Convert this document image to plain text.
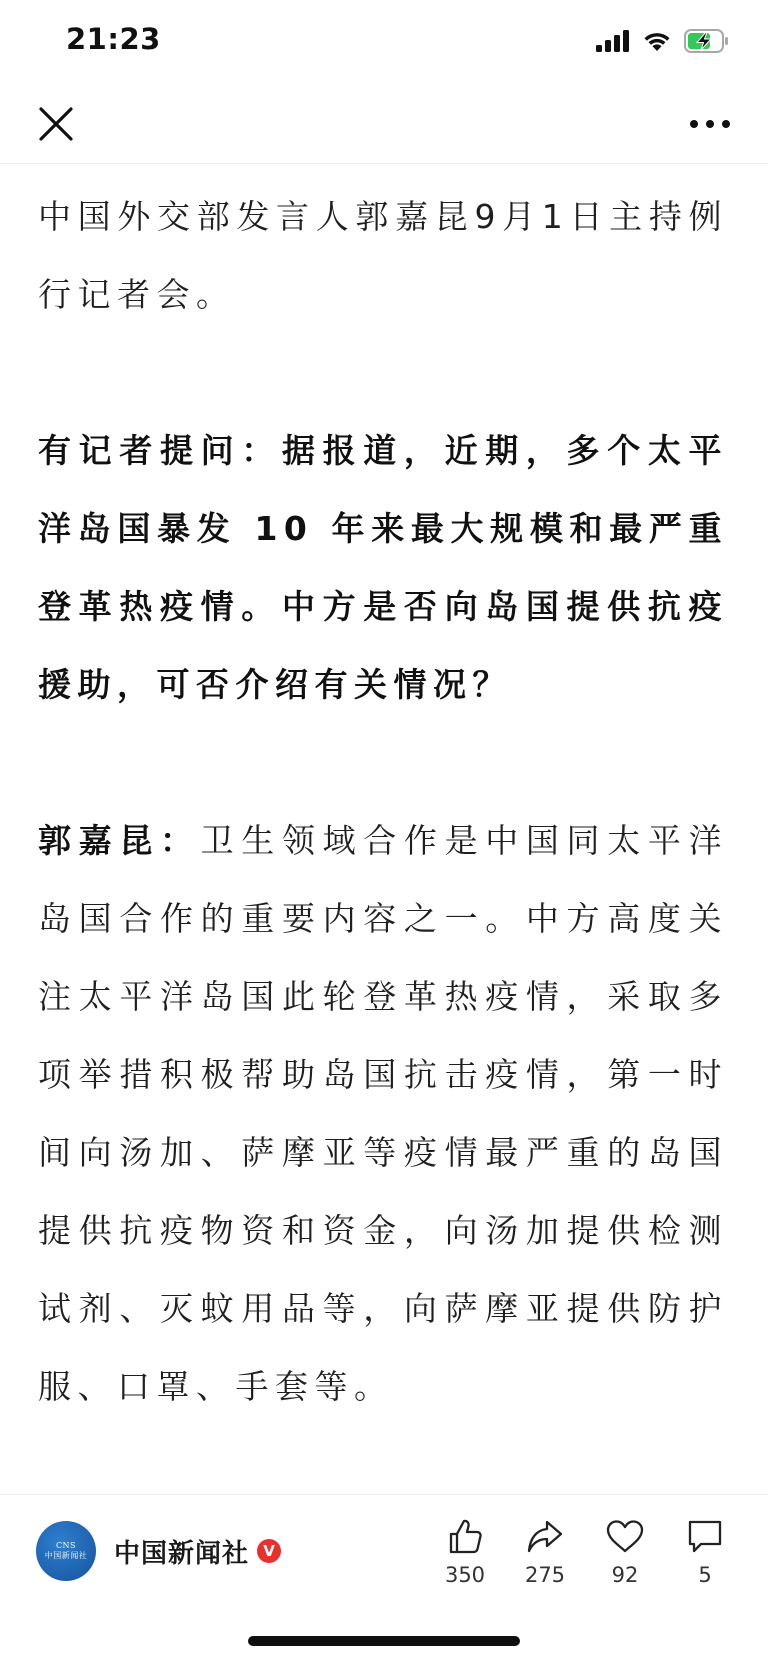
21:23

中国外交部发言人郭嘉昆9月1日主持例行记者会。

有记者提问：据报道，近期，多个太平洋岛国暴发 10 年来最大规模和最严重登革热疫情。中方是否向岛国提供抗疫援助，可否介绍有关情况？

郭嘉昆：卫生领域合作是中国同太平洋岛国合作的重要内容之一。中方高度关注太平洋岛国此轮登革热疫情，采取多项举措积极帮助岛国抗击疫情，第一时间向汤加、萨摩亚等疫情最严重的岛国提供抗疫物资和资金，向汤加提供检测试剂、灭蚊用品等，向萨摩亚提供防护服、口罩、手套等。

CNS
中国新闻社 中国新闻社 V
350 275 92	5
